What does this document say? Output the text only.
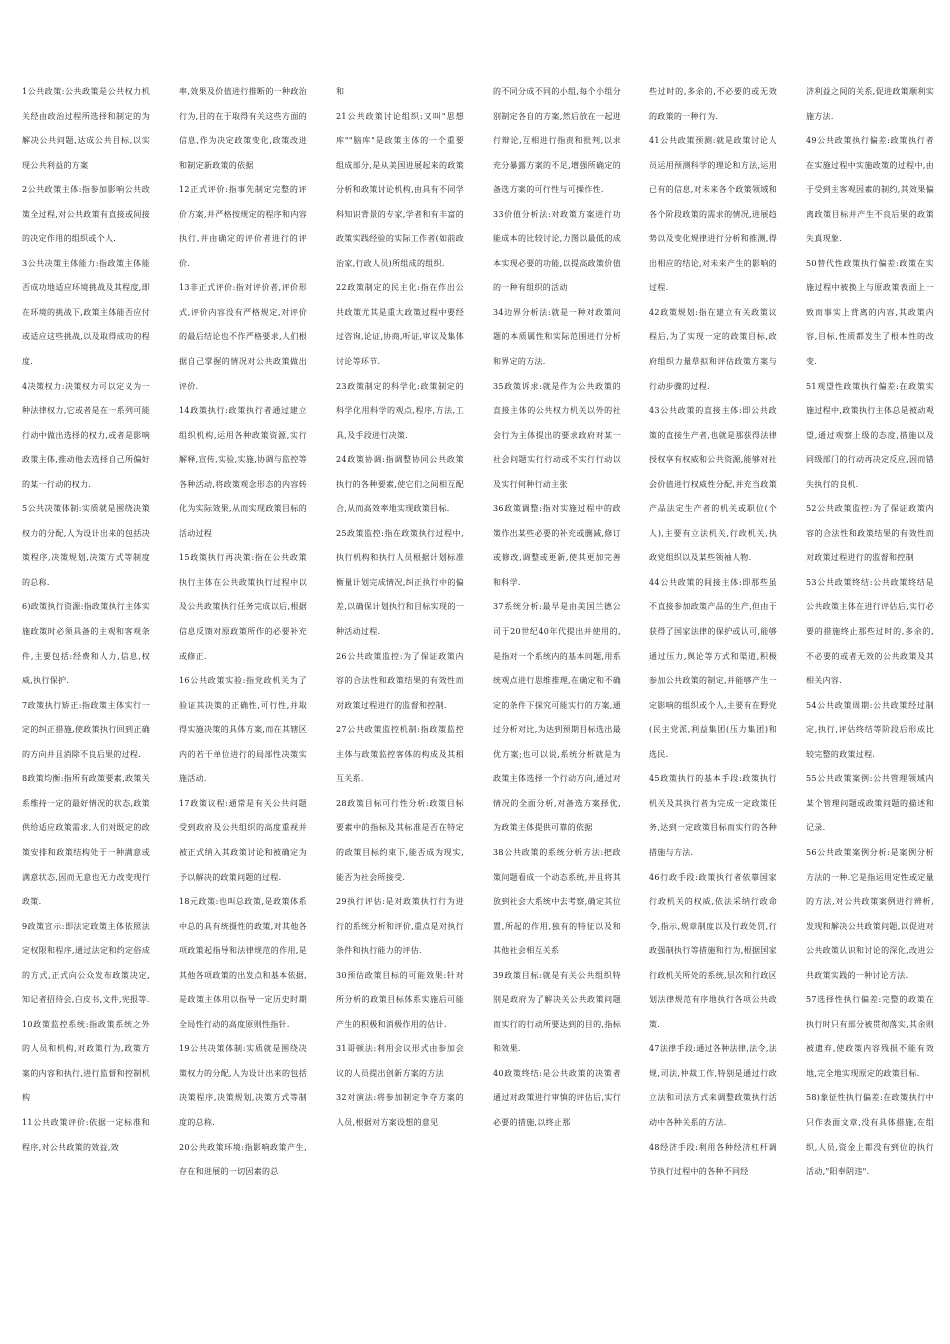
1公共政策:公共政策是公共权力机关经由政治过程所选择和制定的为解决公共问题,达成公共目标,以实现公共利益的方案

2公共政策主体:指参加影响公共政策全过程,对公共政策有直接或间接的决定作用的组织或个人.

3公共决策主体能力:指政策主体能否成功地适应环境挑战及其程度,即在环境的挑战下,政策主体能否应付或适应这些挑战,以及取得成功的程度.

4决策权力:决策权力可以定义为一种法律权力,它或者是在一系列可能行动中做出选择的权力,或者是影响政策主体,推动他去选择自己所偏好的某一行动的权力.

5公共决策体制:实质就是围绕决策权力的分配,人为设计出来的包括决策程序,决策规划,决策方式等制度的总称.

6)政策执行资源:指政策执行主体实施政策时必须具备的主观和客观条件,主要包括:经费和人力,信息,权威,执行保护.

7政策执行矫正:指政策主体实行一定的纠正措施,使政策执行回到正确的方向并且消除不良后果的过程.

8政策均衡:指所有政策要素,政策关系维持一定的最好情况的状态,政策供给适应政策需求,人们对既定的政策安排和政策结构处于一种满意或满意状态,因而无意也无力改变现行政策.

9政策宣示:即法定政策主体依照法定权限和程序,通过法定和约定俗成的方式,正式向公众发布政策决定,知记者招待会,白皮书,文件,宪报等.

10政策监控系统:指政策系统之外的人员和机构,对政策行为,政策方案的内容和执行,进行监督和控制机构

11公共政策评价:依据一定标准和程序,对公共政策的效益,效

率,效果及价值进行推断的一种政治行为,目的在于取得有关这些方面的信息,作为决定政策变化,政策改进和制定新政策的依据

12正式评价:指事先制定完整的评价方案,并严格按规定的程序和内容执行,并由确定的评价者进行的评价.

13非正式评价:指对评价者,评价形式,评价内容没有严格规定,对评价的最后结论也不作严格要求,人们根据自己掌握的情况对公共政策做出评价.

14政策执行:政策执行者通过建立组织机构,运用各种政策资源,实行解释,宣传,实验,实施,协调与监控等各种活动,将政策观念形态的内容转化为实际效果,从而实现政策目标的活动过程

15政策执行再决策:指在公共政策执行主体在公共政策执行过程中以及公共政策执行任务完成以后,根据信息反馈对原政策所作的必要补充或修正.

16公共政策实验:指党政机关为了验证其决策的正确性,可行性,并取得实施决策的具体方案,而在其辖区内的若干单位进行的局部性决策实施活动.

17政策议程:通常是有关公共问题受到政府及公共组织的高度重视并被正式纳入其政策讨论和被确定为予以解决的政策问题的过程.

18元政策:也叫总政策,是政策体系中总的具有统摄性的政策,对其他各项政策起指导和法律规范的作用,是其他各项政策的出发点和基本依据,是政策主体用以指导一定历史时期全局性行动的高度原则性指针.

19公共决策体制:实质就是围绕决策权力的分配,人为设计出来的包括决策程序,决策规划,决策方式等制度的总称.

20公共政策环境:指影响政策产生,存在和进展的一切因素的总

和

21公共政策讨论组织:又叫"思想库""脑库"是政策主体的一个重要组成部分,是从美国进展起来的政策分析和政策讨论机构,由具有不同学科知识背景的专家,学者和有丰富的政策实践经验的实际工作者(如前政治家,行政人员)所组成的组织.

22政策制定的民主化:指在作出公共政策尤其是重大政策过程中要经过咨询,论证,协商,听证,审议及集体讨论等环节.

23政策制定的科学化:政策制定的科学化用科学的观点,程序,方法,工具,及手段进行决策.

24政策协调:指调整协同公共政策执行的各种要素,使它们之间相互配合,从而高效率地实现政策目标.

25政策监控:指在政策执行过程中,执行机构和执行人员根据计划标准衡量计划完成情况,纠正执行中的偏差,以确保计划执行和目标实现的一种活动过程.

26公共政策监控:为了保证政策内容的合法性和政策结果的有效性而对政策过程进行的监督和控制.

27公共政策监控机制:指政策监控主体与政策监控客体的构成及其相互关系.

28政策目标可行性分析:政策目标要素中的指标及其标准是否在特定的政策目标约束下,能否成为现实,能否为社会所接受.

29执行评估:是对政策执行行为进行的系统分析和评价,重点是对执行条件和执行能力的评估.

30预估政策目标的可能效果:针对所分析的政策目标体系实施后可能产生的积极和消极作用的估计.

31哥顿法:利用会议形式由参加会议的人员提出创新方案的方法

32对演法:将参加制定争夺方案的人员,根据对方案设想的意见

的不同分成不同的小组,每个小组分别制定各自的方案,然后放在一起进行辩论,互相进行指责和批判,以求充分暴露方案的不足,增强所确定的备选方案的可行性与可操作性.

33价值分析法:对政策方案进行功能成本的比较讨论,力图以最低的成本实现必要的功能,以提高政策价值的一种有组织的活动

34边界分析法:就是一种对政策问题的本质属性和实际范围进行分析和界定的方法.

35政策诉求:就是作为公共政策的直接主体的公共权力机关以外的社会行为主体提出的要求政府对某一社会问题实行行动或不实行行动以及实行何种行动主张

36政策调整:指对实施过程中的政策作出某些必要的补充或删减,修订或修改,调整或更新,使其更加完善和科学.

37系统分析:最早是由美国兰德公司于20世纪40年代提出并使用的,是指对一个系统内的基本问题,用系统观点进行思维推理,在确定和不确定的条件下探究可能实行的方案,通过分析对比,为达到预期目标选出最优方案;也可以说,系统分析就是为政策主体选择一个行动方向,通过对情况的全面分析,对备选方案择优,为政策主体提供可靠的依据

38公共政策的系统分析方法:把政策问题看成一个动态系统,并且将其放到社会大系统中去考察,确定其位置,所起的作用,独有的特征以及和其他社会相互关系

39政策目标:就是有关公共组织特别是政府为了解决关公共政策问题而实行的行动所要达到的目的,指标和效果.

40政策终结:是公共政策的决策者通过对政策进行审慎的评估后,实行必要的措施,以终止那

些过时的,多余的,不必要的或无效的政策的一种行为.

41公共政策预测:就是政策讨论人员运用预测科学的理论和方法,运用已有的信息,对未来各个政策领域和各个阶段政策的需求的情况,进展趋势以及变化规律进行分析和推测,得出相应的结论,对未来产生的影响的过程.

42政策规划:指在建立有关政策议程后,为了实现一定的政策目标,政府组织力量草拟和评估政策方案与行动步骤的过程.

43公共政策的直接主体:即公共政策的直接生产者,也就是那获得法律授权享有权威和公共资源,能够对社会价值进行权威性分配,并充当政策产品法定生产者的机关或职位(个人),主要有立法机关,行政机关,执政党组织以及某些领袖人物.

44公共政策的间接主体:即那些虽不直接参加政策产品的生产,但由于获得了国家法律的保护或认可,能够通过压力,舆论等方式和渠道,积极参加公共政策的制定,并能够产生一定影响的组织或个人,主要有在野党(民主党派,利益集团(压力集团)和选民.

45政策执行的基本手段:政策执行机关及其执行者为完成一定政策任务,达到一定政策目标而实行的各种措施与方法.

46行政手段:政策执行者依靠国家行政机关的权威,依法采纳行政命令,指示,规章制度以及行政处罚,行政强制执行等措施和行为,根据国家行政机关所处的系统,层次和行政区划法律规范有序地执行各项公共政策.

47法律手段:通过各种法律,法令,法规,司法,仲裁工作,特别是通过行政立法和司法方式来调整政策执行活动中各种关系的方法.

48经济手段:利用各种经济杠杆调节执行过程中的各种不同经

济利益之间的关系,促进政策顺利实施方法.

49公共政策执行偏差:政策执行者在实施过程中实施政策的过程中,由于受到主客观因素的制约,其效果偏离政策目标并产生不良后果的政策失真现象.

50替代性政策执行偏差:政策在实施过程中被换上与原政策表面上一致而事实上背离的内容,其政策内容,目标,性质都发生了根本性的改变.

51观望性政策执行偏差:在政策实施过程中,政策执行主体总是被动观望,通过观察上级的态度,措施以及同级部门的行动再决定反应,因而错失执行的良机.

52公共政策监控:为了保证政策内容的合法性和政策结果的有效性而对政策过程进行的监督和控制

53公共政策终结:公共政策终结是公共政策主体在进行评估后,实行必要的措施终止那些过时的,多余的,不必要的或者无效的公共政策及其相关内容.

54公共政策周期:公共政策经过制定,执行,评估终结等阶段后形成比较完整的政策过程.

55公共政策案例:公共管理领域内某个管理问题或政策问题的描述和记录.

56公共政策案例分析:是案例分析方法的一种.它是指运用定性或定量的方法,对公共政策案例进行辨析,发现和解决公共政策问题,以促进对公共政策认识和讨论的深化,改进公共政策实践的一种讨论方法.

57选择性执行偏差:完整的政策在执行时只有部分被贯彻落实,其余则被遗弃,使政策内容残损不能有效地,完全地实现原定的政策目标.

58)象征性执行偏差:在政策执行中只作表面文章,没有具体措施,在组织,人员,资金上都没有到位的执行活动,"阳奉阴违".
